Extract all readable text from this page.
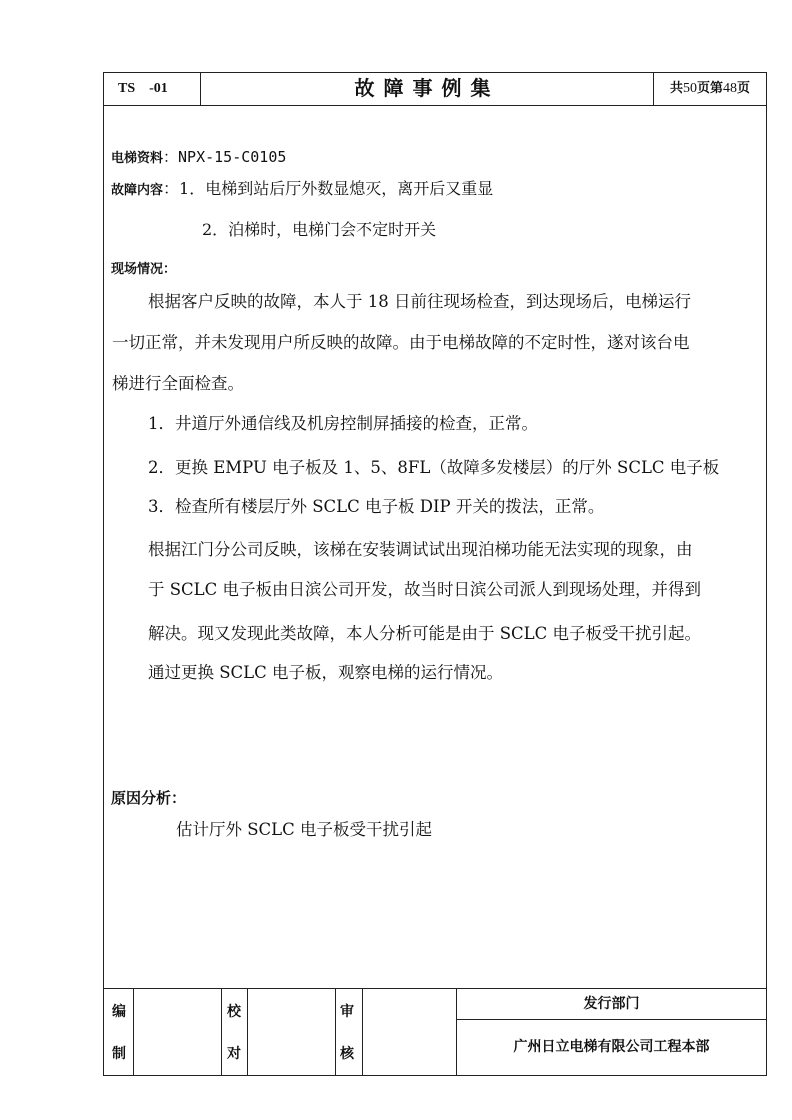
TS　-01	故障事例集	共50页第48页
电梯资料：NPX-15-C0105
故障内容：1．电梯到站后厅外数显熄灭，离开后又重显
2．泊梯时，电梯门会不定时开关
现场情况：
根据客户反映的故障，本人于 18 日前往现场检查，到达现场后，电梯运行
一切正常，并未发现用户所反映的故障。由于电梯故障的不定时性，遂对该台电
梯进行全面检查。
1．井道厅外通信线及机房控制屏插接的检查，正常。
2．更换 EMPU 电子板及 1、5、8FL（故障多发楼层）的厅外 SCLC 电子板
3．检查所有楼层厅外 SCLC 电子板 DIP 开关的拨法，正常。
根据江门分公司反映，该梯在安装调试试出现泊梯功能无法实现的现象，由
于 SCLC 电子板由日滨公司开发，故当时日滨公司派人到现场处理，并得到
解决。现又发现此类故障，本人分析可能是由于 SCLC 电子板受干扰引起。
通过更换 SCLC 电子板，观察电梯的运行情况。
原因分析：
估计厅外 SCLC 电子板受干扰引起
编
制
校
对
审
核
发行部门
广州日立电梯有限公司工程本部
